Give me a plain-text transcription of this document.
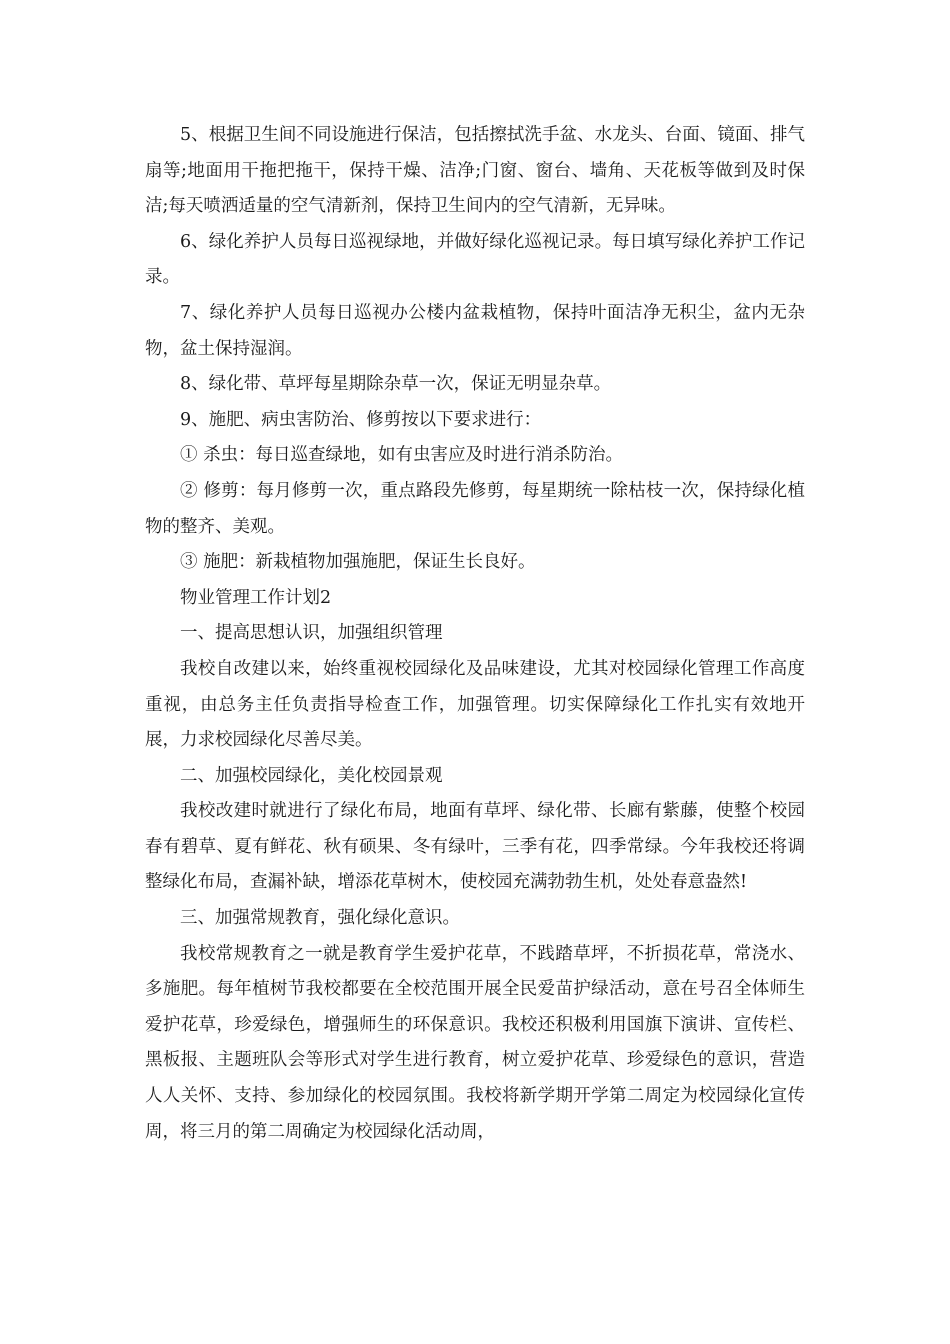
5、根据卫生间不同设施进行保洁，包括擦拭洗手盆、水龙头、台面、镜面、排气扇等;地面用干拖把拖干，保持干燥、洁净;门窗、窗台、墙角、天花板等做到及时保洁;每天喷洒适量的空气清新剂，保持卫生间内的空气清新，无异味。

6、绿化养护人员每日巡视绿地，并做好绿化巡视记录。每日填写绿化养护工作记录。

7、绿化养护人员每日巡视办公楼内盆栽植物，保持叶面洁净无积尘，盆内无杂物，盆土保持湿润。

8、绿化带、草坪每星期除杂草一次，保证无明显杂草。

9、施肥、病虫害防治、修剪按以下要求进行：

① 杀虫：每日巡查绿地，如有虫害应及时进行消杀防治。

② 修剪：每月修剪一次，重点路段先修剪，每星期统一除枯枝一次，保持绿化植物的整齐、美观。

③ 施肥：新栽植物加强施肥，保证生长良好。

物业管理工作计划2

一、提高思想认识，加强组织管理

我校自改建以来，始终重视校园绿化及品味建设，尤其对校园绿化管理工作高度重视，由总务主任负责指导检查工作，加强管理。切实保障绿化工作扎实有效地开展，力求校园绿化尽善尽美。

二、加强校园绿化，美化校园景观

我校改建时就进行了绿化布局，地面有草坪、绿化带、长廊有紫藤，使整个校园春有碧草、夏有鲜花、秋有硕果、冬有绿叶，三季有花，四季常绿。今年我校还将调整绿化布局，查漏补缺，增添花草树木，使校园充满勃勃生机，处处春意盎然!

三、加强常规教育，强化绿化意识。

我校常规教育之一就是教育学生爱护花草，不践踏草坪，不折损花草，常浇水、多施肥。每年植树节我校都要在全校范围开展全民爱苗护绿活动，意在号召全体师生爱护花草，珍爱绿色，增强师生的环保意识。我校还积极利用国旗下演讲、宣传栏、黑板报、主题班队会等形式对学生进行教育，树立爱护花草、珍爱绿色的意识，营造人人关怀、支持、参加绿化的校园氛围。我校将新学期开学第二周定为校园绿化宣传周，将三月的第二周确定为校园绿化活动周，
